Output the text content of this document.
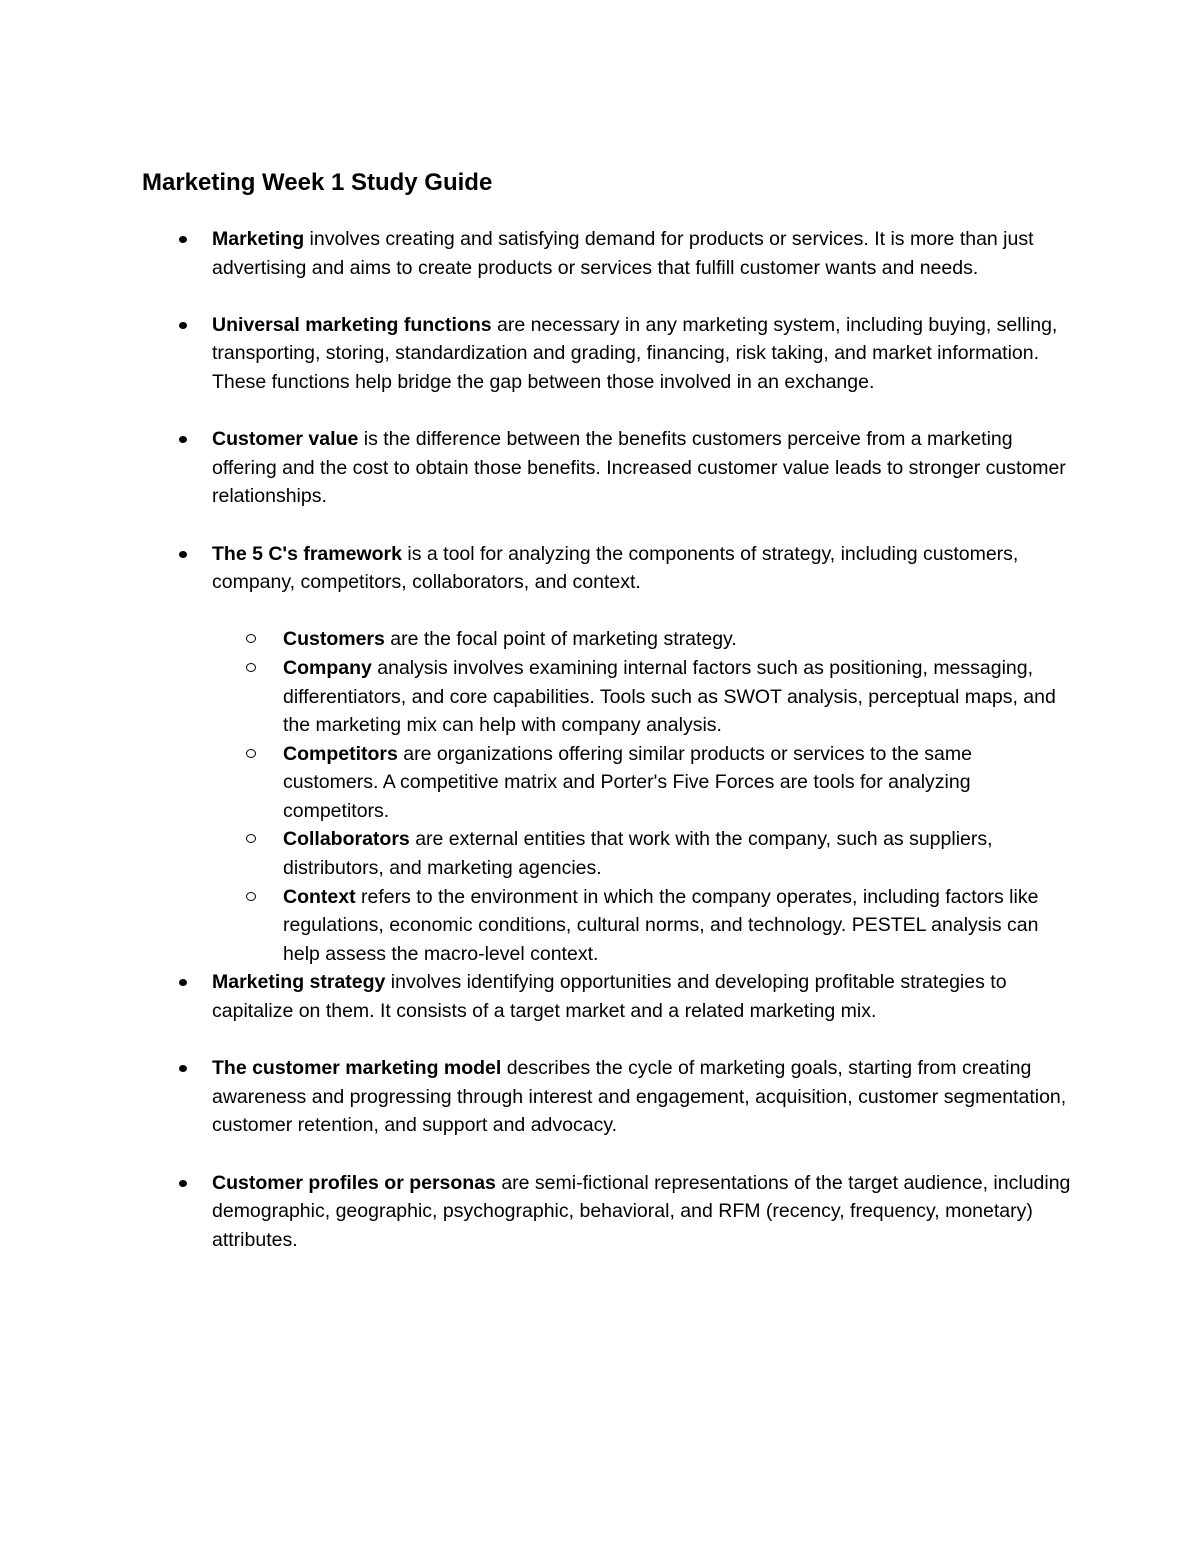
Marketing Week 1 Study Guide
Marketing involves creating and satisfying demand for products or services. It is more than just advertising and aims to create products or services that fulfill customer wants and needs.
Universal marketing functions are necessary in any marketing system, including buying, selling, transporting, storing, standardization and grading, financing, risk taking, and market information. These functions help bridge the gap between those involved in an exchange.
Customer value is the difference between the benefits customers perceive from a marketing offering and the cost to obtain those benefits. Increased customer value leads to stronger customer relationships.
The 5 C's framework is a tool for analyzing the components of strategy, including customers, company, competitors, collaborators, and context.
Customers are the focal point of marketing strategy.
Company analysis involves examining internal factors such as positioning, messaging, differentiators, and core capabilities. Tools such as SWOT analysis, perceptual maps, and the marketing mix can help with company analysis.
Competitors are organizations offering similar products or services to the same customers. A competitive matrix and Porter's Five Forces are tools for analyzing competitors.
Collaborators are external entities that work with the company, such as suppliers, distributors, and marketing agencies.
Context refers to the environment in which the company operates, including factors like regulations, economic conditions, cultural norms, and technology. PESTEL analysis can help assess the macro-level context.
Marketing strategy involves identifying opportunities and developing profitable strategies to capitalize on them. It consists of a target market and a related marketing mix.
The customer marketing model describes the cycle of marketing goals, starting from creating awareness and progressing through interest and engagement, acquisition, customer segmentation, customer retention, and support and advocacy.
Customer profiles or personas are semi-fictional representations of the target audience, including demographic, geographic, psychographic, behavioral, and RFM (recency, frequency, monetary) attributes.
